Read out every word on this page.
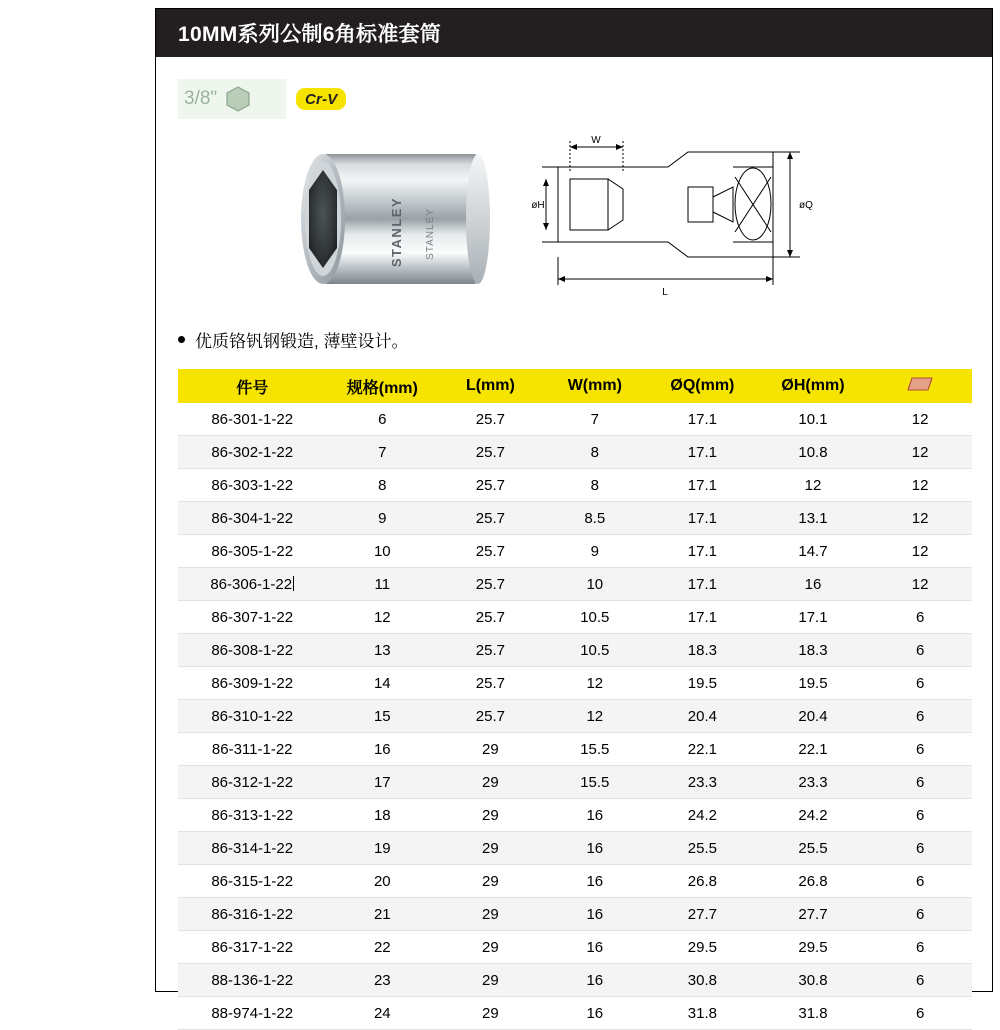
10MM系列公制6角标准套筒
3/8"	Cr-V
STANLEY STANLEY
W
øH	øQ
L
优质铬钒钢锻造, 薄壁设计。
件号	规格(mm)	L(mm)	W(mm)	ØQ(mm)	ØH(mm)	
86-301-1-22	6	25.7	7	17.1	10.1	12
86-302-1-22	7	25.7	8	17.1	10.8	12
86-303-1-22	8	25.7	8	17.1	12	12
86-304-1-22	9	25.7	8.5	17.1	13.1	12
86-305-1-22	10	25.7	9	17.1	14.7	12
86-306-1-22	11	25.7	10	17.1	16	12
86-307-1-22	12	25.7	10.5	17.1	17.1	6
86-308-1-22	13	25.7	10.5	18.3	18.3	6
86-309-1-22	14	25.7	12	19.5	19.5	6
86-310-1-22	15	25.7	12	20.4	20.4	6
86-311-1-22	16	29	15.5	22.1	22.1	6
86-312-1-22	17	29	15.5	23.3	23.3	6
86-313-1-22	18	29	16	24.2	24.2	6
86-314-1-22	19	29	16	25.5	25.5	6
86-315-1-22	20	29	16	26.8	26.8	6
86-316-1-22	21	29	16	27.7	27.7	6
86-317-1-22	22	29	16	29.5	29.5	6
88-136-1-22	23	29	16	30.8	30.8	6
88-974-1-22	24	29	16	31.8	31.8	6
